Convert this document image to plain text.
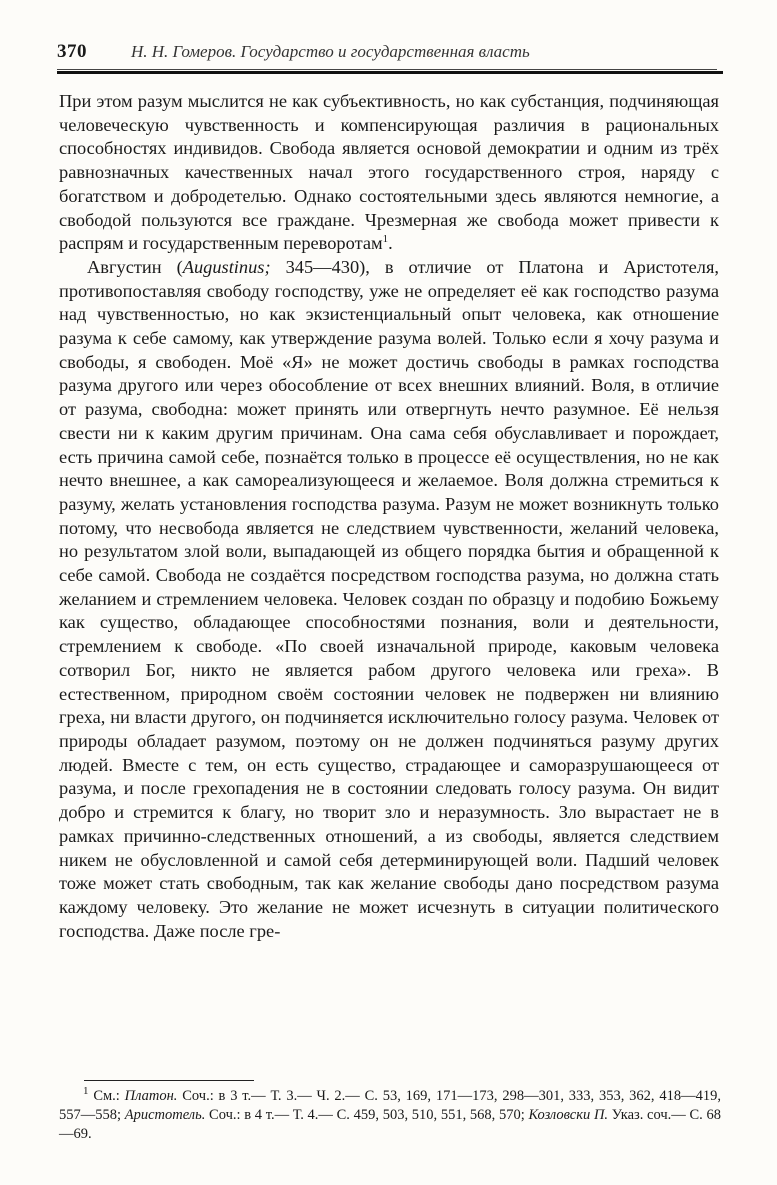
370	Н. Н. Гомеров. Государство и государственная власть

При этом разум мыслится не как субъективность, но как субстанция, подчиняющая человеческую чувственность и компенсирующая различия в рациональных способностях индивидов. Свобода является основой демократии и одним из трёх равнозначных качественных начал этого государственного строя, наряду с богатством и добродетелью. Однако состоятельными здесь являются немногие, а свободой пользуются все граждане. Чрезмерная же свобода может привести к распрям и государственным переворотам$^1$.

Августин (Augustinus; 345—430), в отличие от Платона и Аристотеля, противопоставляя свободу господству, уже не определяет её как господство разума над чувственностью, но как экзистенциальный опыт человека, как отношение разума к себе самому, как утверждение разума волей. Только если я хочу разума и свободы, я свободен. Моё «Я» не может достичь свободы в рамках господства разума другого или через обособление от всех внешних влияний. Воля, в отличие от разума, свободна: может принять или отвергнуть нечто разумное. Её нельзя свести ни к каким другим причинам. Она сама себя обуславливает и порождает, есть причина самой себе, познаётся только в процессе её осуществления, но не как нечто внешнее, а как самореализующееся и желаемое. Воля должна стремиться к разуму, желать установления господства разума. Разум не может возникнуть только потому, что несвобода является не следствием чувственности, желаний человека, но результатом злой воли, выпадающей из общего порядка бытия и обращенной к себе самой. Свобода не создаётся посредством господства разума, но должна стать желанием и стремлением человека. Человек создан по образцу и подобию Божьему как существо, обладающее способностями познания, воли и деятельности, стремлением к свободе. «По своей изначальной природе, каковым человека сотворил Бог, никто не является рабом другого человека или греха». В естественном, природном своём состоянии человек не подвержен ни влиянию греха, ни власти другого, он подчиняется исключительно голосу разума. Человек от природы обладает разумом, поэтому он не должен подчиняться разуму других людей. Вместе с тем, он есть существо, страдающее и саморазрушающееся от разума, и после грехопадения не в состоянии следовать голосу разума. Он видит добро и стремится к благу, но творит зло и неразумность. Зло вырастает не в рамках причинно-следственных отношений, а из свободы, является следствием никем не обусловленной и самой себя детерминирующей воли. Падший человек тоже может стать свободным, так как желание свободы дано посредством разума каждому человеку. Это желание не может исчезнуть в ситуации политического господства. Даже после гре-

$^1$ См.: Платон. Соч.: в 3 т.— Т. 3.— Ч. 2.— С. 53, 169, 171—173, 298—301, 333, 353, 362, 418—419, 557—558; Аристотель. Соч.: в 4 т.— Т. 4.— С. 459, 503, 510, 551, 568, 570; Козловски П. Указ. соч.— С. 68—69.
